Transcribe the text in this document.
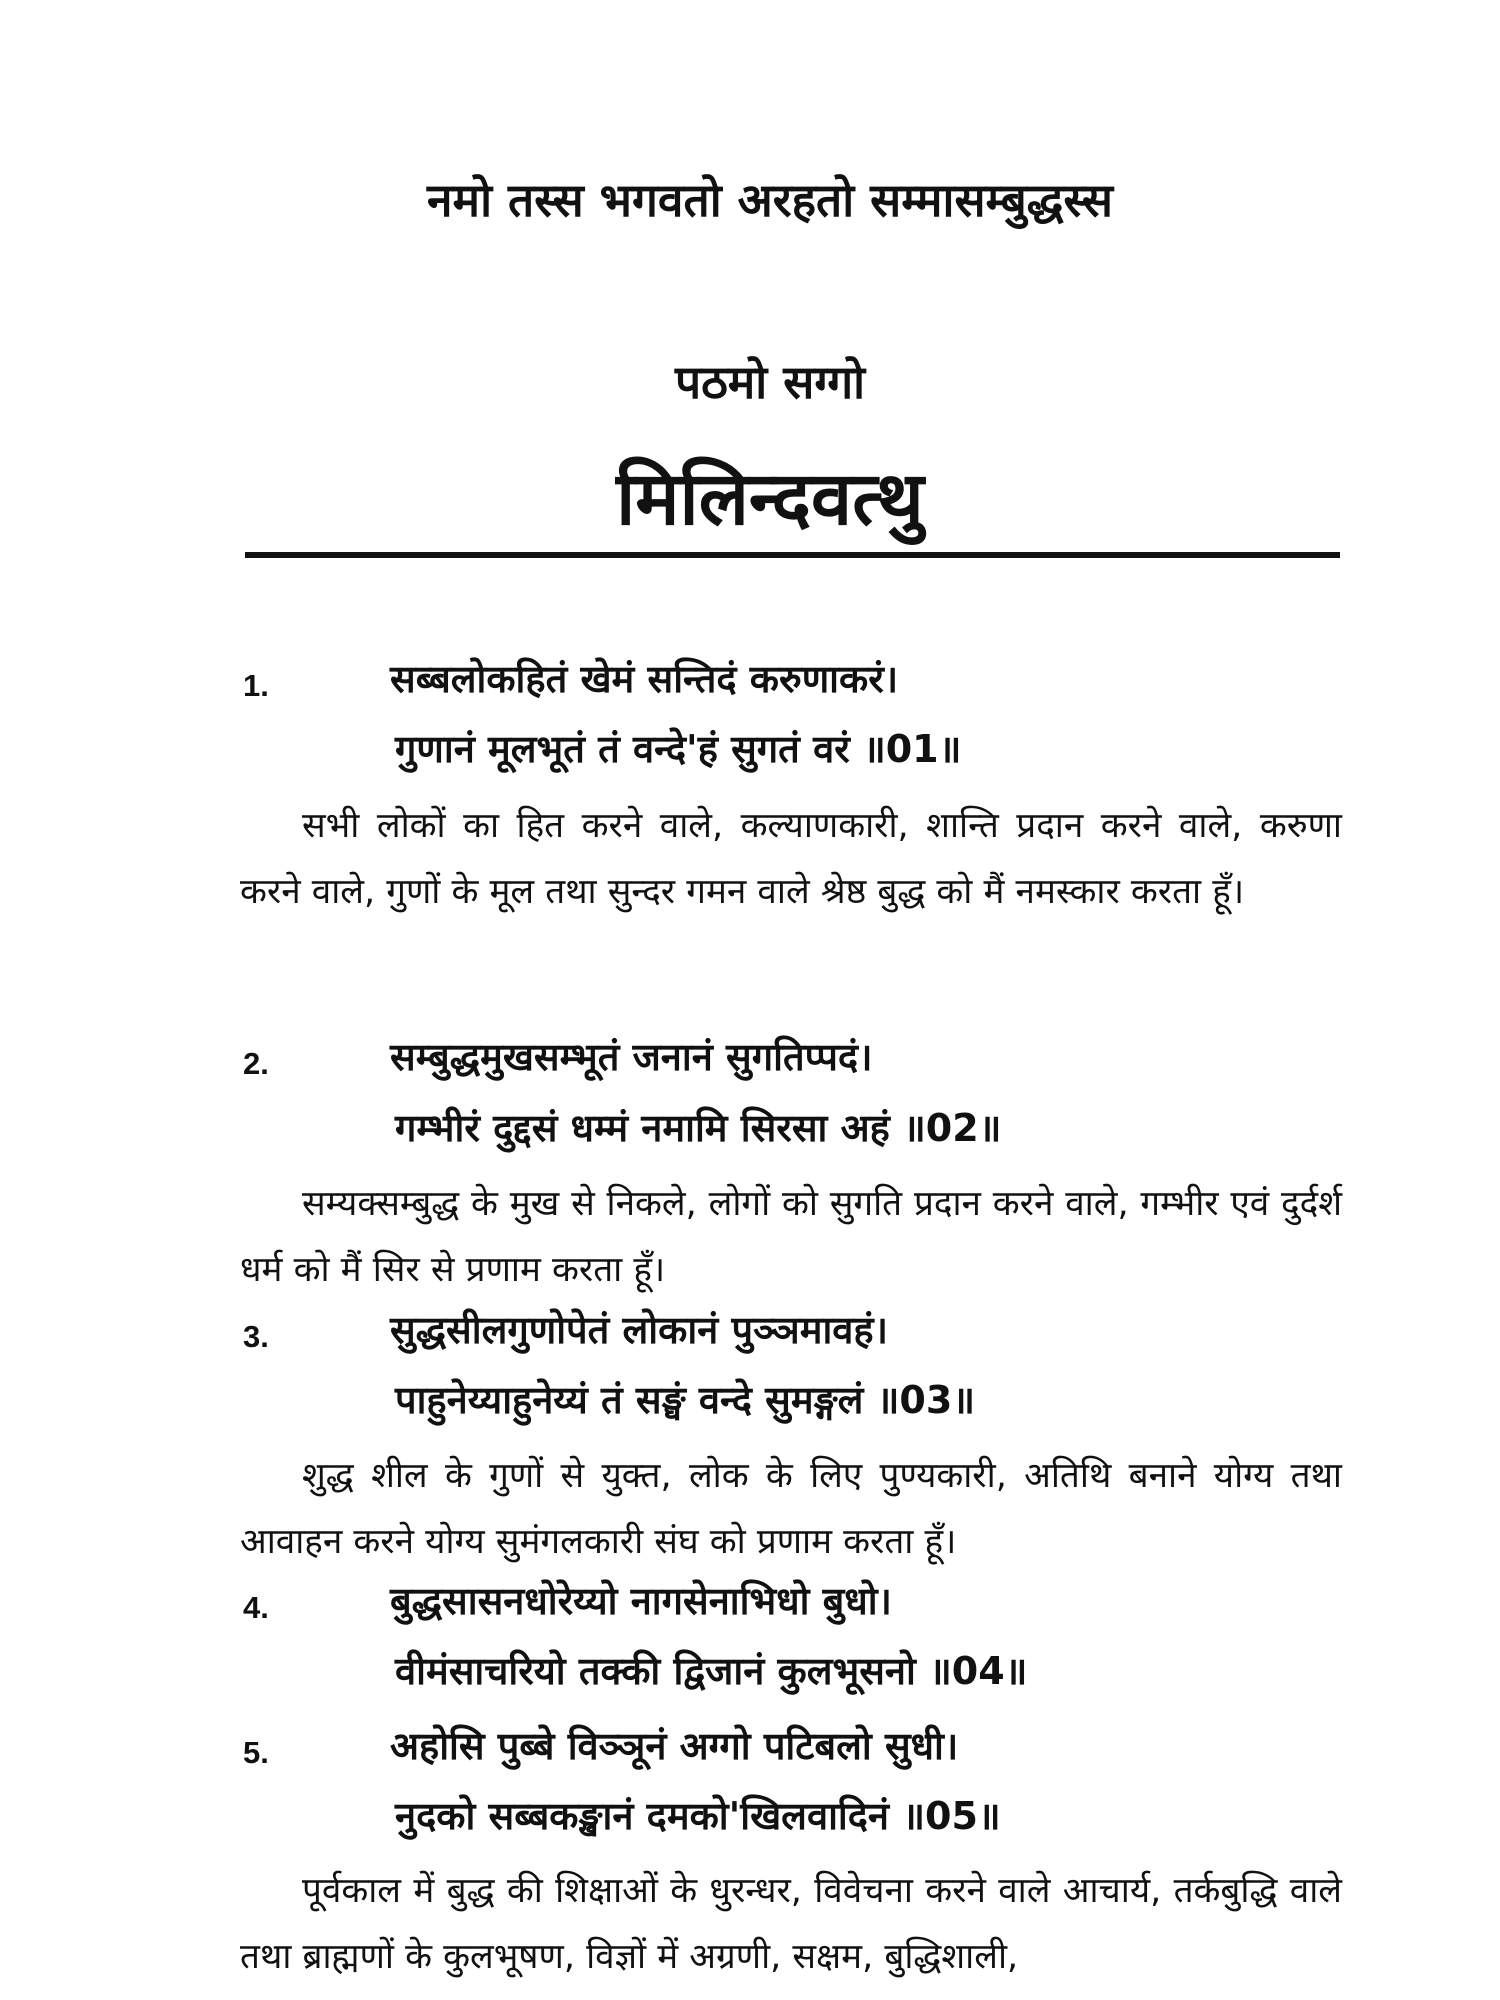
नमो तस्स भगवतो अरहतो सम्मासम्बुद्धस्स
पठमो सग्गो
मिलिन्दवत्थु
1.	सब्बलोकहितं खेमं सन्तिदं करुणाकरं।
गुणानं मूलभूतं तं वन्दे'हं सुगतं वरं ॥01॥
सभी लोकों का हित करने वाले, कल्याणकारी, शान्ति प्रदान करने वाले, करुणा करने वाले, गुणों के मूल तथा सुन्दर गमन वाले श्रेष्ठ बुद्ध को मैं नमस्कार करता हूँ।
2.	सम्बुद्धमुखसम्भूतं जनानं सुगतिप्पदं।
गम्भीरं दुद्दसं धम्मं नमामि सिरसा अहं ॥02॥
सम्यक्सम्बुद्ध के मुख से निकले, लोगों को सुगति प्रदान करने वाले, गम्भीर एवं दुर्दर्श धर्म को मैं सिर से प्रणाम करता हूँ।
3.	सुद्धसीलगुणोपेतं लोकानं पुञ्ञमावहं।
पाहुनेय्याहुनेय्यं तं सङ्घं वन्दे सुमङ्गलं ॥03॥
शुद्ध शील के गुणों से युक्त, लोक के लिए पुण्यकारी, अतिथि बनाने योग्य तथा आवाहन करने योग्य सुमंगलकारी संघ को प्रणाम करता हूँ।
4.	बुद्धसासनधोरेय्यो नागसेनाभिधो बुधो।
वीमंसाचरियो तक्की द्विजानं कुलभूसनो ॥04॥
5.	अहोसि पुब्बे विञ्ञूनं अग्गो पटिबलो सुधी।
नुदको सब्बकङ्खानं दमको'खिलवादिनं ॥05॥
पूर्वकाल में बुद्ध की शिक्षाओं के धुरन्धर, विवेचना करने वाले आचार्य, तर्कबुद्धि वाले तथा ब्राह्मणों के कुलभूषण, विज्ञों में अग्रणी, सक्षम, बुद्धिशाली,
